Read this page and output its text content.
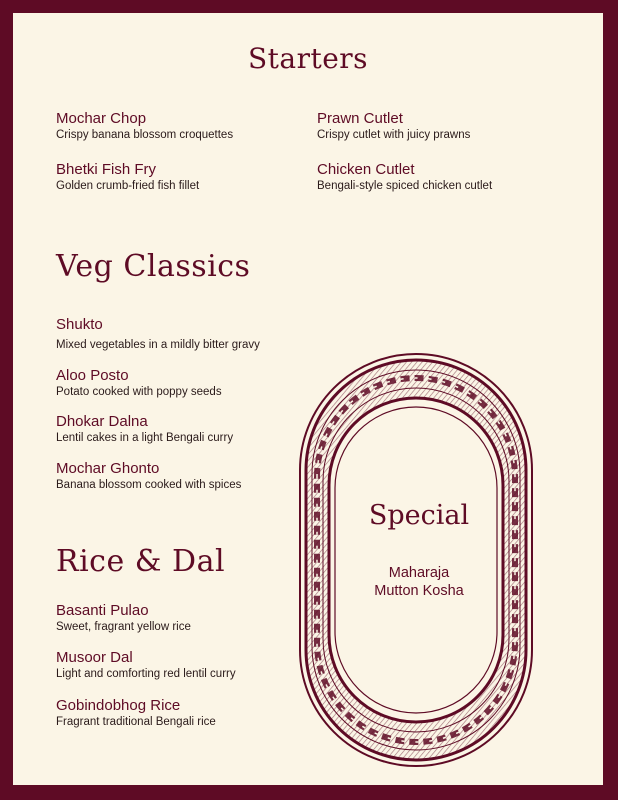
Starters
Mochar Chop
Crispy banana blossom croquettes
Prawn Cutlet
Crispy cutlet with juicy prawns
Bhetki Fish Fry
Golden crumb-fried fish fillet
Chicken Cutlet
Bengali-style spiced chicken cutlet
Veg Classics
Shukto
Mixed vegetables in a mildly bitter gravy
Aloo Posto
Potato cooked with poppy seeds
Dhokar Dalna
Lentil cakes in a light Bengali curry
Mochar Ghonto
Banana blossom cooked with spices
Rice & Dal
Basanti Pulao
Sweet, fragrant yellow rice
Musoor Dal
Light and comforting red lentil curry
Gobindobhog Rice
Fragrant traditional Bengali rice
Special
Maharaja
Mutton Kosha
